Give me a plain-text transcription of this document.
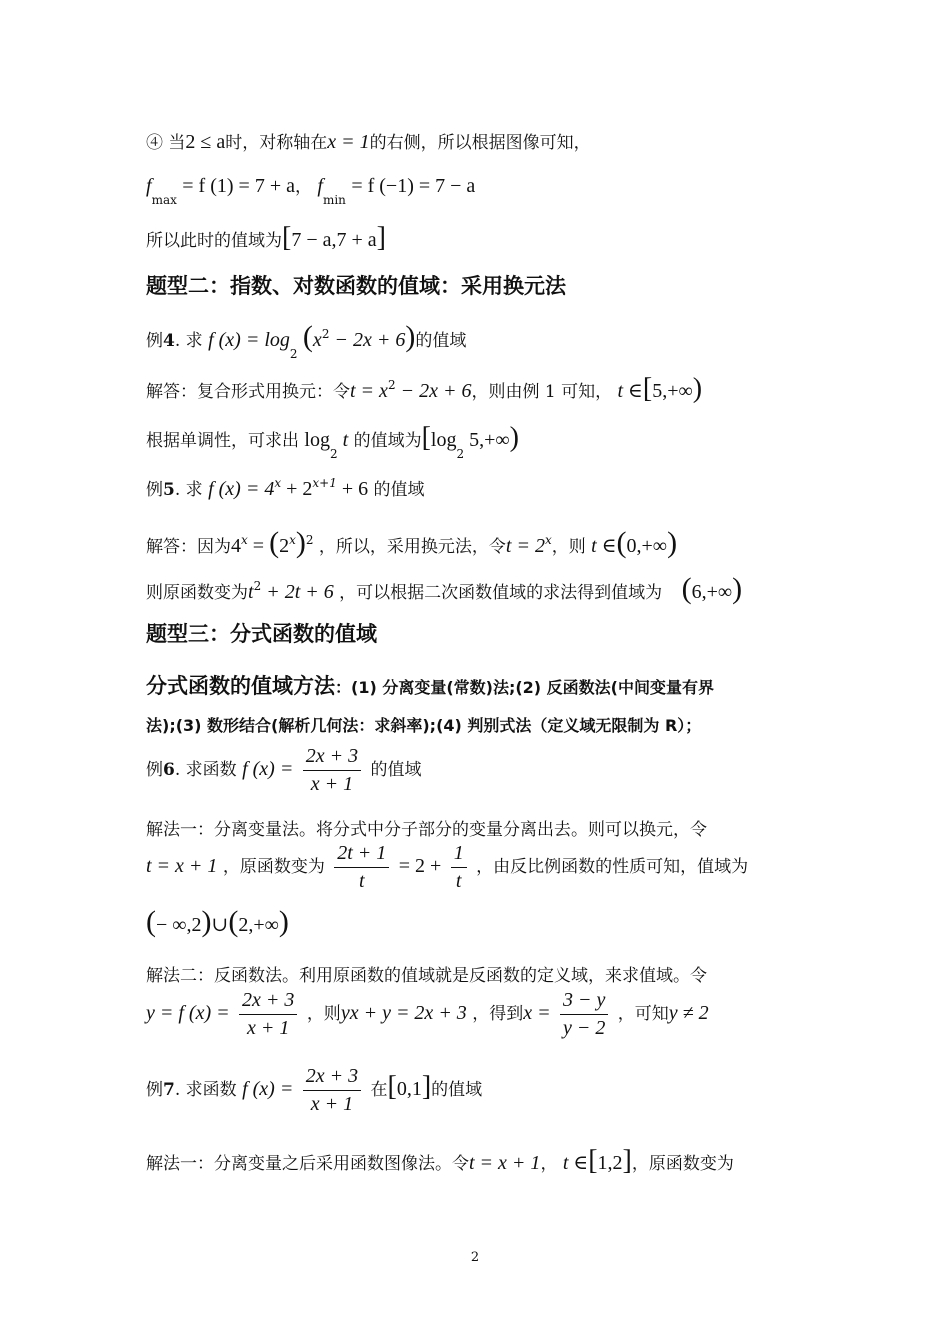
④ 当2 ≤ a时，对称轴在x = 1的右侧，所以根据图像可知，
$f_{max} = f$ (1) = 7 + a， $f_{min} = f$ (−1) = 7 − a
所以此时的值域为[7 − a,7 + a]
题型二：指数、对数函数的值域：采用换元法
例4. 求 f $(x) = \log_2 (x^2 - 2x + 6)$的值域
解答：复合形式用换元：令$t = x^2 - 2x + 6$，则由例 1 可知， t ∈[5,+∞)
根据单调性，可求出 $\log_2 t$ 的值域为[$\log_2$ 5,+∞)
例5. 求 f $(x) = 4^x + 2^{x+1} + 6$ 的值域
解答：因为$4^x = (2^x)^2$ ，所以，采用换元法，令$t = 2^x$，则 t ∈(0,+∞)
则原函数变为$t^2 + 2t + 6$ ，可以根据二次函数值域的求法得到值域为 (6,+∞)
题型三：分式函数的值域
分式函数的值域方法：(1) 分离变量(常数)法;(2) 反函数法(中间变量有界
法);(3) 数形结合(解析几何法：求斜率);(4) 判别式法（定义域无限制为 R）；
例6. 求函数 f $(x) = \frac{2x + 3}{x + 1}$ 的值域
解法一：分离变量法。将分式中分子部分的变量分离出去。则可以换元，令
t = x + 1 ，原函数变为 $\frac{2t + 1}{t} = 2 + \frac{1}{t}$ ，由反比例函数的性质可知，值域为
(− ∞,2)∪(2,+∞)
解法二：反函数法。利用原函数的值域就是反函数的定义域，来求值域。令
y = f $(x) = \frac{2x + 3}{x + 1}$ ，则yx + y = 2x + 3 ，得到$x = \frac{3 - y}{y - 2}$ ，可知y ≠ 2
例7. 求函数 f $(x) = \frac{2x + 3}{x + 1}$ 在[0,1]的值域
解法一：分离变量之后采用函数图像法。令t = x + 1， t ∈[1,2]，原函数变为
2
